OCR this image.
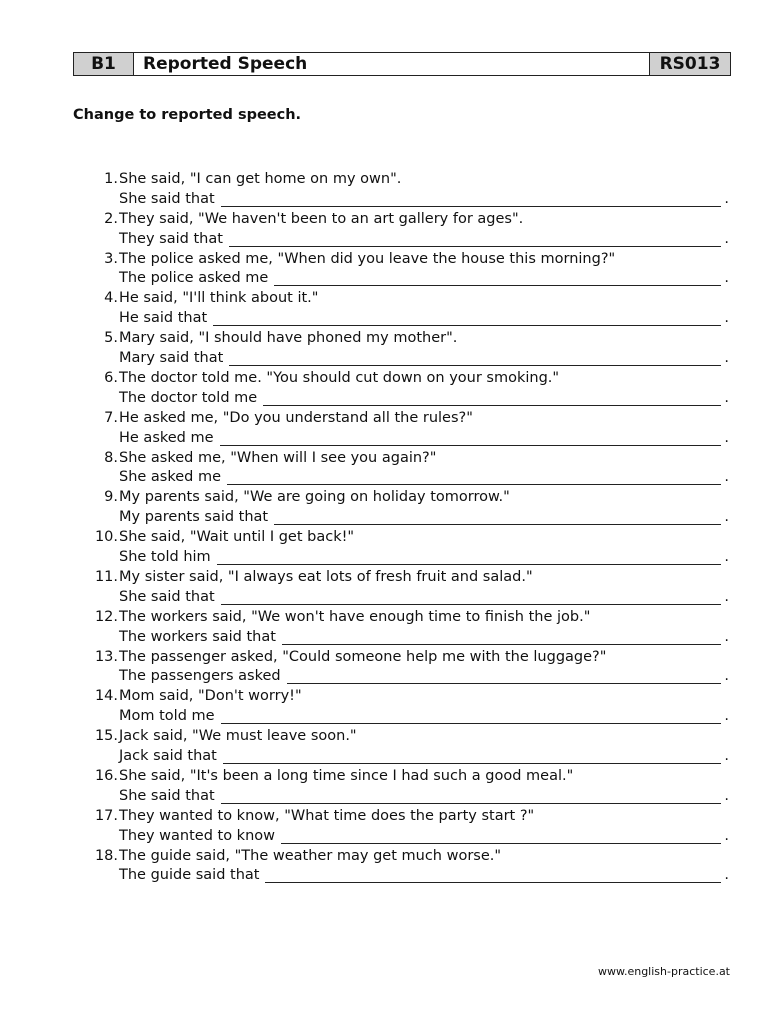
B1	Reported Speech	RS013
Change to reported speech.
1. She said, "I can get home on my own".
She said that	.
2. They said, "We haven't been to an art gallery for ages".
They said that	.
3. The police asked me, "When did you leave the house this morning?"
The police asked me	.
4. He said, "I'll think about it."
He said that	.
5. Mary said, "I should have phoned my mother".
Mary said that	.
6. The doctor told me. "You should cut down on your smoking."
The doctor told me	.
7. He asked me, "Do you understand all the rules?"
He asked me	.
8. She asked me, "When will I see you again?"
She asked me	.
9. My parents said, "We are going on holiday tomorrow."
My parents said that	.
10. She said, "Wait until I get back!"
She told him	.
11. My sister said, "I always eat lots of fresh fruit and salad."
She said that	.
12. The workers said, "We won't have enough time to finish the job."
The workers said that	.
13. The passenger asked, "Could someone help me with the luggage?"
The passengers asked	.
14. Mom said, "Don't worry!"
Mom told me	.
15. Jack said, "We must leave soon."
Jack said that	.
16. She said, "It's been a long time since I had such a good meal."
She said that	.
17. They wanted to know, "What time does the party start ?"
They wanted to know	.
18. The guide said, "The weather may get much worse."
The guide said that	.
www.english-practice.at
